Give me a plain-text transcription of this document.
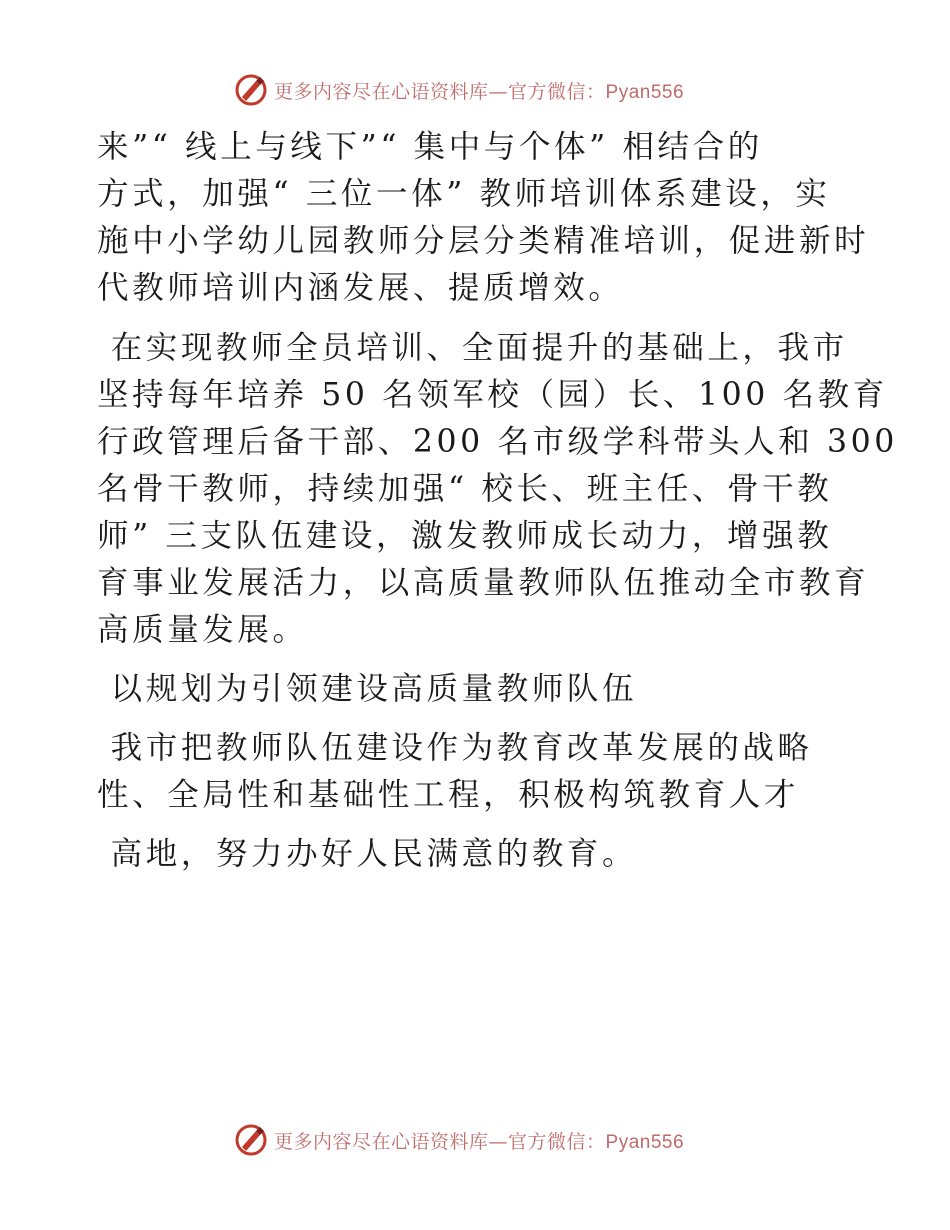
更多内容尽在心语资料库—官方微信：Pyan556
来”“ 线上与线下”“ 集中与个体” 相结合的
方式，加强“ 三位一体” 教师培训体系建设，实
施中小学幼儿园教师分层分类精准培训，促进新时
代教师培训内涵发展、提质增效。
在实现教师全员培训、全面提升的基础上，我市
坚持每年培养 50 名领军校（园）长、100 名教育
行政管理后备干部、200 名市级学科带头人和 300
名骨干教师，持续加强“ 校长、班主任、骨干教
师” 三支队伍建设，激发教师成长动力，增强教
育事业发展活力，以高质量教师队伍推动全市教育
高质量发展。
以规划为引领建设高质量教师队伍
我市把教师队伍建设作为教育改革发展的战略
性、全局性和基础性工程，积极构筑教育人才
高地，努力办好人民满意的教育。
更多内容尽在心语资料库—官方微信：Pyan556
